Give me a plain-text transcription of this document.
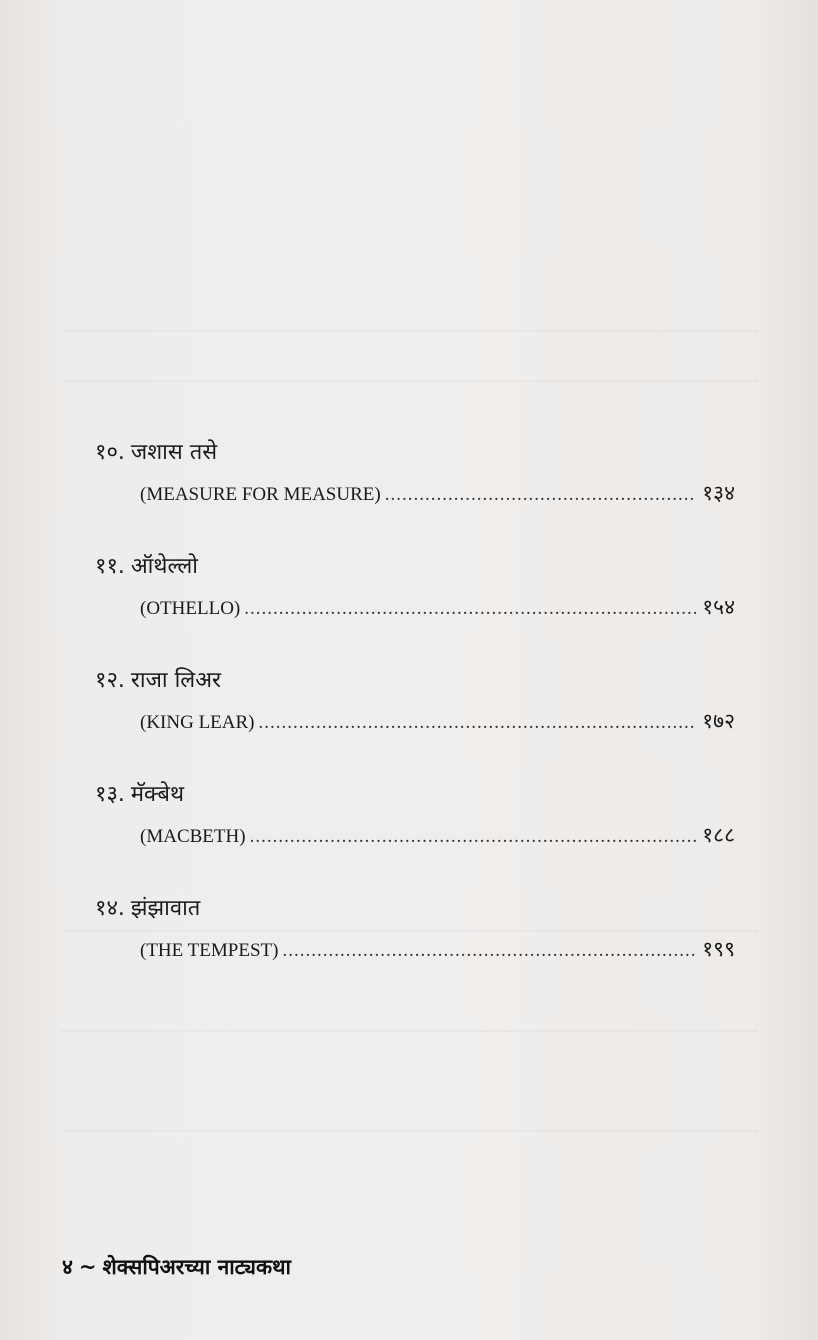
१०. जशास तसे
(MEASURE FOR MEASURE) .....	१३४
११. ऑथेल्लो
(OTHELLO) .....	१५४
१२. राजा लिअर
(KING LEAR) .....	१७२
१३. मॅक्बेथ
(MACBETH) .....	१८८
१४. झंझावात
(THE TEMPEST) .....	१९९
४ ~ शेक्सपिअरच्या नाट्यकथा
